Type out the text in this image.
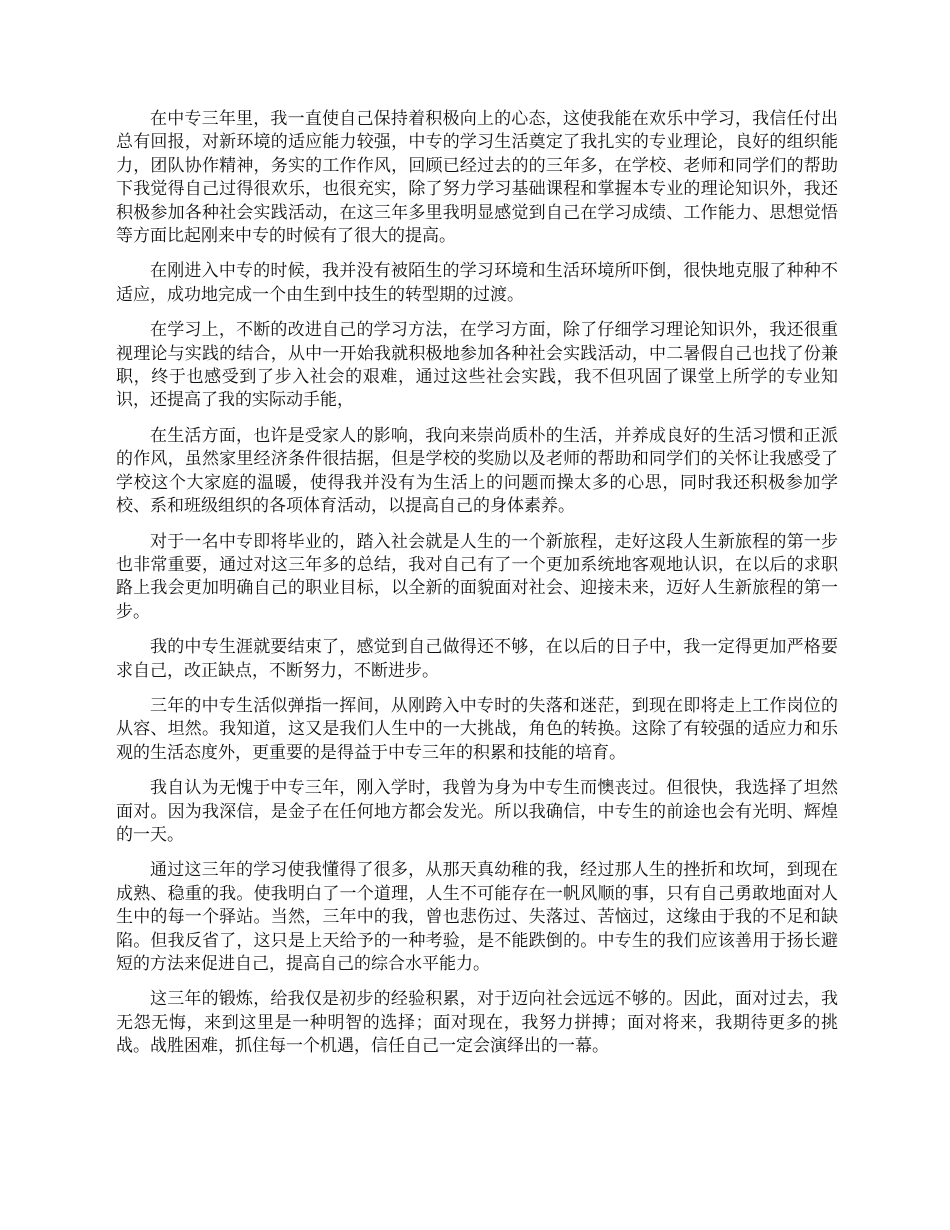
在中专三年里，我一直使自己保持着积极向上的心态，这使我能在欢乐中学习，我信任付出总有回报，对新环境的适应能力较强，中专的学习生活奠定了我扎实的专业理论，良好的组织能力，团队协作精神，务实的工作作风，回顾已经过去的的三年多，在学校、老师和同学们的帮助下我觉得自己过得很欢乐，也很充实，除了努力学习基础课程和掌握本专业的理论知识外，我还积极参加各种社会实践活动，在这三年多里我明显感觉到自己在学习成绩、工作能力、思想觉悟等方面比起刚来中专的时候有了很大的提高。

在刚进入中专的时候，我并没有被陌生的学习环境和生活环境所吓倒，很快地克服了种种不适应，成功地完成一个由生到中技生的转型期的过渡。

在学习上，不断的改进自己的学习方法，在学习方面，除了仔细学习理论知识外，我还很重视理论与实践的结合，从中一开始我就积极地参加各种社会实践活动，中二暑假自己也找了份兼职，终于也感受到了步入社会的艰难，通过这些社会实践，我不但巩固了课堂上所学的专业知识，还提高了我的实际动手能，

在生活方面，也许是受家人的影响，我向来崇尚质朴的生活，并养成良好的生活习惯和正派的作风，虽然家里经济条件很拮据，但是学校的奖励以及老师的帮助和同学们的关怀让我感受了学校这个大家庭的温暖，使得我并没有为生活上的问题而操太多的心思，同时我还积极参加学校、系和班级组织的各项体育活动，以提高自己的身体素养。

对于一名中专即将毕业的，踏入社会就是人生的一个新旅程，走好这段人生新旅程的第一步也非常重要，通过对这三年多的总结，我对自己有了一个更加系统地客观地认识，在以后的求职路上我会更加明确自己的职业目标，以全新的面貌面对社会、迎接未来，迈好人生新旅程的第一步。

我的中专生涯就要结束了，感觉到自己做得还不够，在以后的日子中，我一定得更加严格要求自己，改正缺点，不断努力，不断进步。

三年的中专生活似弹指一挥间，从刚跨入中专时的失落和迷茫，到现在即将走上工作岗位的从容、坦然。我知道，这又是我们人生中的一大挑战，角色的转换。这除了有较强的适应力和乐观的生活态度外，更重要的是得益于中专三年的积累和技能的培育。

我自认为无愧于中专三年，刚入学时，我曾为身为中专生而懊丧过。但很快，我选择了坦然面对。因为我深信，是金子在任何地方都会发光。所以我确信，中专生的前途也会有光明、辉煌的一天。

通过这三年的学习使我懂得了很多，从那天真幼稚的我，经过那人生的挫折和坎坷，到现在成熟、稳重的我。使我明白了一个道理，人生不可能存在一帆风顺的事，只有自己勇敢地面对人生中的每一个驿站。当然，三年中的我，曾也悲伤过、失落过、苦恼过，这缘由于我的不足和缺陷。但我反省了，这只是上天给予的一种考验，是不能跌倒的。中专生的我们应该善用于扬长避短的方法来促进自己，提高自己的综合水平能力。

这三年的锻炼，给我仅是初步的经验积累，对于迈向社会远远不够的。因此，面对过去，我无怨无悔，来到这里是一种明智的选择；面对现在，我努力拼搏；面对将来，我期待更多的挑战。战胜困难，抓住每一个机遇，信任自己一定会演绎出的一幕。
